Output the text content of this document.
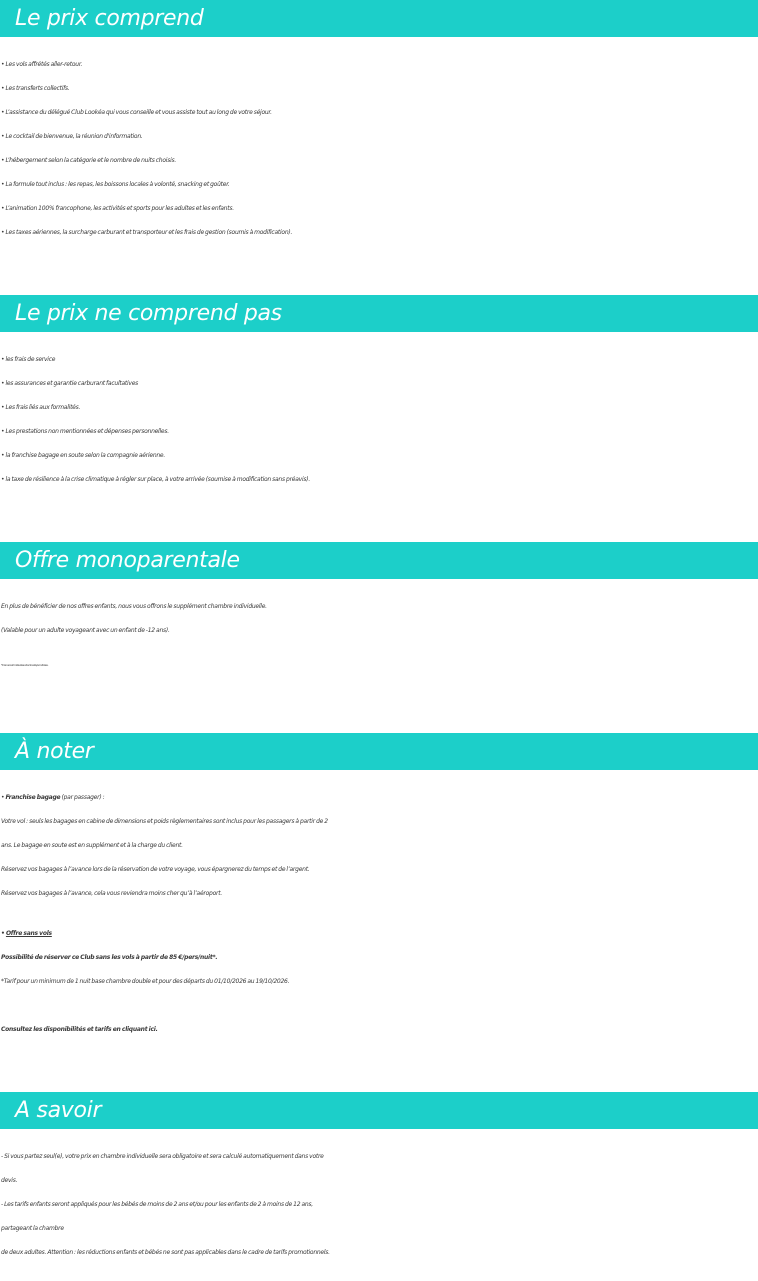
Le prix comprend
• Les vols affrétés aller-retour.
• Les transferts collectifs.
• L’assistance du délégué Club Lookéa qui vous conseille et vous assiste tout au long de votre séjour.
• Le cocktail de bienvenue, la réunion d'information.
• L’hébergement selon la catégorie et le nombre de nuits choisis.
• La formule tout inclus : les repas, les boissons locales à volonté, snacking et goûter.
• L’animation 100% francophone, les activités et sports pour les adultes et les enfants.
• Les taxes aériennes, la surcharge carburant et transporteur et les frais de gestion (soumis à modification).
Le prix ne comprend pas
• les frais de service
• les assurances et garantie carburant facultatives
• Les frais liés aux formalités.
• Les prestations non mentionnées et dépenses personnelles.
• la franchise bagage en soute selon la compagnie aérienne.
• la taxe de résilience à la crise climatique à régler sur place, à votre arrivée (soumise à modification sans préavis).
Offre monoparentale
En plus de bénéficier de nos offres enfants, nous vous offrons le supplément chambre individuelle.
(Valable pour un adulte voyageant avec un enfant de -12 ans).
*Dans la limite des stocks disponibles.
À noter
• Franchise bagage (par passager) :
Votre vol : seuls les bagages en cabine de dimensions et poids règlementaires sont inclus pour les passagers à partir de 2
ans. Le bagage en soute est en supplément et à la charge du client.
Réservez vos bagages à l’avance lors de la réservation de votre voyage, vous épargnerez du temps et de l’argent.
Réservez vos bagages à l’avance, cela vous reviendra moins cher qu’à l’aéroport.
• Offre sans vols
Possibilité de réserver ce Club sans les vols à partir de 85 €/pers/nuit*.
*Tarif pour un minimum de 1 nuit base chambre double et pour des départs du 01/10/2026 au 19/10/2026.
Consultez les disponibilités et tarifs en cliquant ici.
A savoir
- Si vous partez seul(e), votre prix en chambre individuelle sera obligatoire et sera calculé automatiquement dans votre
devis.
- Les tarifs enfants seront appliqués pour les bébés de moins de 2 ans et/ou pour les enfants de 2 à moins de 12 ans,
partageant la chambre
de deux adultes. Attention : les réductions enfants et bébés ne sont pas applicables dans le cadre de tarifs promotionnels.
